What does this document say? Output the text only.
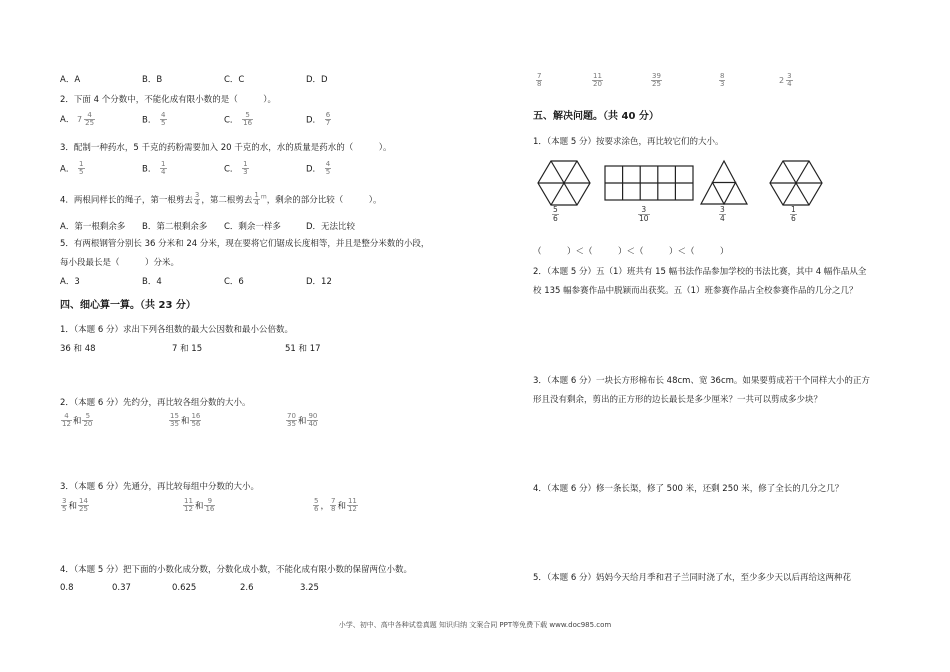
A．A	B．B	C．C	D．D
2．下面 4 个分数中，不能化成有限小数的是（　　　）。
A． $7 \frac{4}{25}$	B． $\frac{4}{5}$	C． $\frac{5}{16}$	D． $\frac{6}{7}$
3．配制一种药水，5 千克的药粉需要加入 20 千克的水，水的质量是药水的（　　　）。
A． $\frac{1}{5}$	B． $\frac{1}{4}$	C． $\frac{1}{3}$	D． $\frac{4}{5}$
4．两根同样长的绳子，第一根剪去 $\frac{3}{4}$ ，第二根剪去 $\frac{1}{4} ^m$，剩余的部分比较（　　　）。
A．第一根剩余多 B．第二根剩余多 C．剩余一样多	D．无法比较
5．有两根钢管分别长 36 分米和 24 分米，现在要将它们锯成长度相等，并且是整分米数的小段，
每小段最长是（　　　）分米。
A．3	B．4	C．6	D．12
四、细心算一算。（共 23 分）
1．（本题 6 分）求出下列各组数的最大公因数和最小公倍数。
36 和 48	7 和 15	51 和 17
2．（本题 6 分）先约分，再比较各组分数的大小。
$\frac{4}{12}$ 和 $\frac{5}{20}$	$\frac{15}{35}$ 和 $\frac{16}{56}$	$\frac{70}{35}$ 和 $\frac{90}{40}$
3．（本题 6 分）先通分，再比较每组中分数的大小。
$\frac{3}{5}$ 和 $\frac{14}{25}$	$\frac{11}{12}$ 和 $\frac{9}{16}$	$\frac{5}{6}$ ， $\frac{7}{8}$ 和 $\frac{11}{12}$
4．（本题 5 分）把下面的小数化成分数，分数化成小数，不能化成有限小数的保留两位小数。
0.8	0.37	0.625	2.6	3.25
$\frac{7}{8}$	$\frac{11}{20}$	$\frac{39}{25}$	$\frac{8}{3}$	$2 \frac{3}{4}$
五、解决问题。（共 40 分）
1．（本题 5 分）按要求涂色，再比较它们的大小。
$\frac{5}{6}$	$\frac{3}{10}$	$\frac{3}{4}$	$\frac{1}{6}$
（　　　）＜（　　　）＜（　　　）＜（　　　）
2．（本题 5 分）五（1）班共有 15 幅书法作品参加学校的书法比赛，其中 4 幅作品从全
校 135 幅参赛作品中脱颖而出获奖。五（1）班参赛作品占全校参赛作品的几分之几？
3．（本题 6 分）一块长方形棉布长 48cm、宽 36cm。如果要剪成若干个同样大小的正方
形且没有剩余，剪出的正方形的边长最长是多少厘米？一共可以剪成多少块？
4．（本题 6 分）修一条长渠，修了 500 米，还剩 250 米，修了全长的几分之几？
5．（本题 6 分）妈妈今天给月季和君子兰同时浇了水，至少多少天以后再给这两种花
小学、初中、高中各种试卷真题 知识归纳 文案合同 PPT等免费下载 www.doc985.com
